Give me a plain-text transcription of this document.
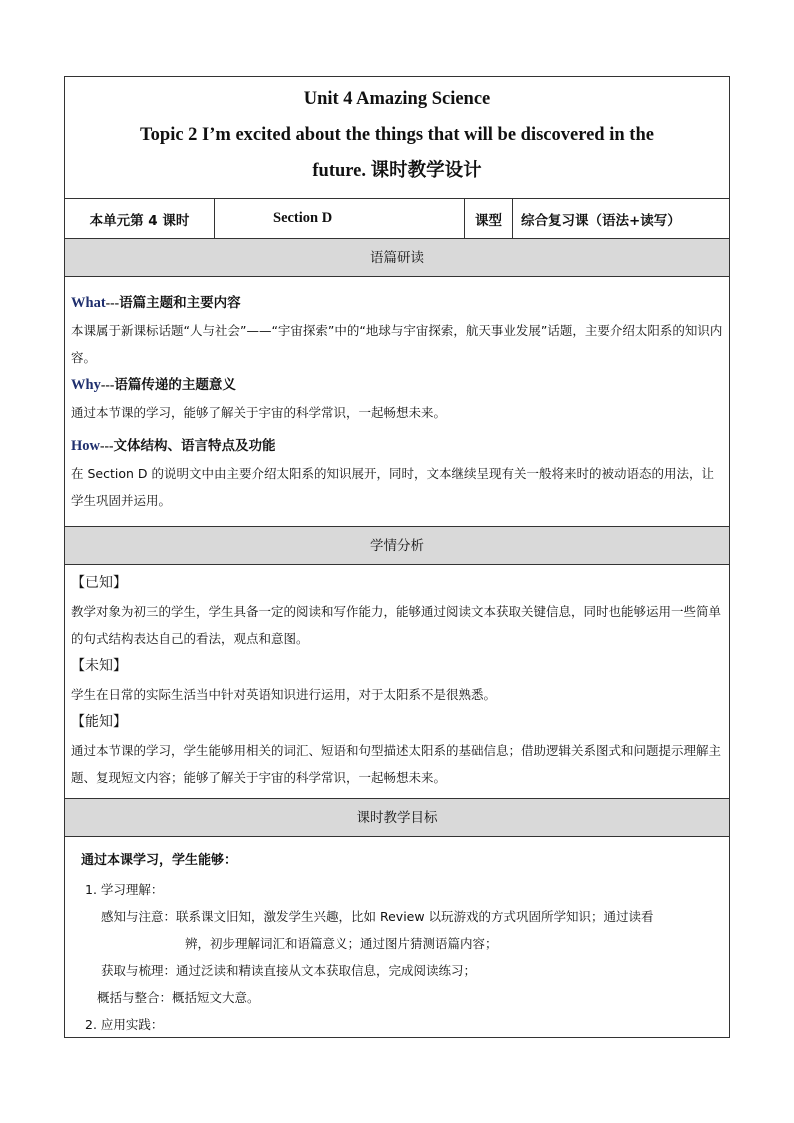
Unit 4 Amazing Science
Topic 2 I’m excited about the things that will be discovered in the
future. 课时教学设计
本单元第 4 课时	Section D	课型	综合复习课（语法+读写）
语篇研读

What---语篇主题和主要内容

本课属于新课标话题“人与社会”——“宇宙探索”中的“地球与宇宙探索，航天事业发展”话题，主要介绍太阳系的知识内容。

Why---语篇传递的主题意义

通过本节课的学习，能够了解关于宇宙的科学常识，一起畅想未来。

How---文体结构、语言特点及功能

在 Section D 的说明文中由主要介绍太阳系的知识展开，同时，文本继续呈现有关一般将来时的被动语态的用法，让学生巩固并运用。

学情分析

【已知】

教学对象为初三的学生，学生具备一定的阅读和写作能力，能够通过阅读文本获取关键信息，同时也能够运用一些简单的句式结构表达自己的看法，观点和意图。

【未知】

学生在日常的实际生活当中针对英语知识进行运用，对于太阳系不是很熟悉。

【能知】

通过本节课的学习，学生能够用相关的词汇、短语和句型描述太阳系的基础信息；借助逻辑关系图式和问题提示理解主题、复现短文内容；能够了解关于宇宙的科学常识，一起畅想未来。

课时教学目标

通过本课学习，学生能够：

1. 学习理解：

感知与注意： 联系课文旧知，激发学生兴趣，比如 Review 以玩游戏的方式巩固所学知识；通过读看

辨，初步理解词汇和语篇意义；通过图片猜测语篇内容；

获取与梳理： 通过泛读和精读直接从文本获取信息，完成阅读练习；
概括与整合： 概括短文大意。

2. 应用实践：
